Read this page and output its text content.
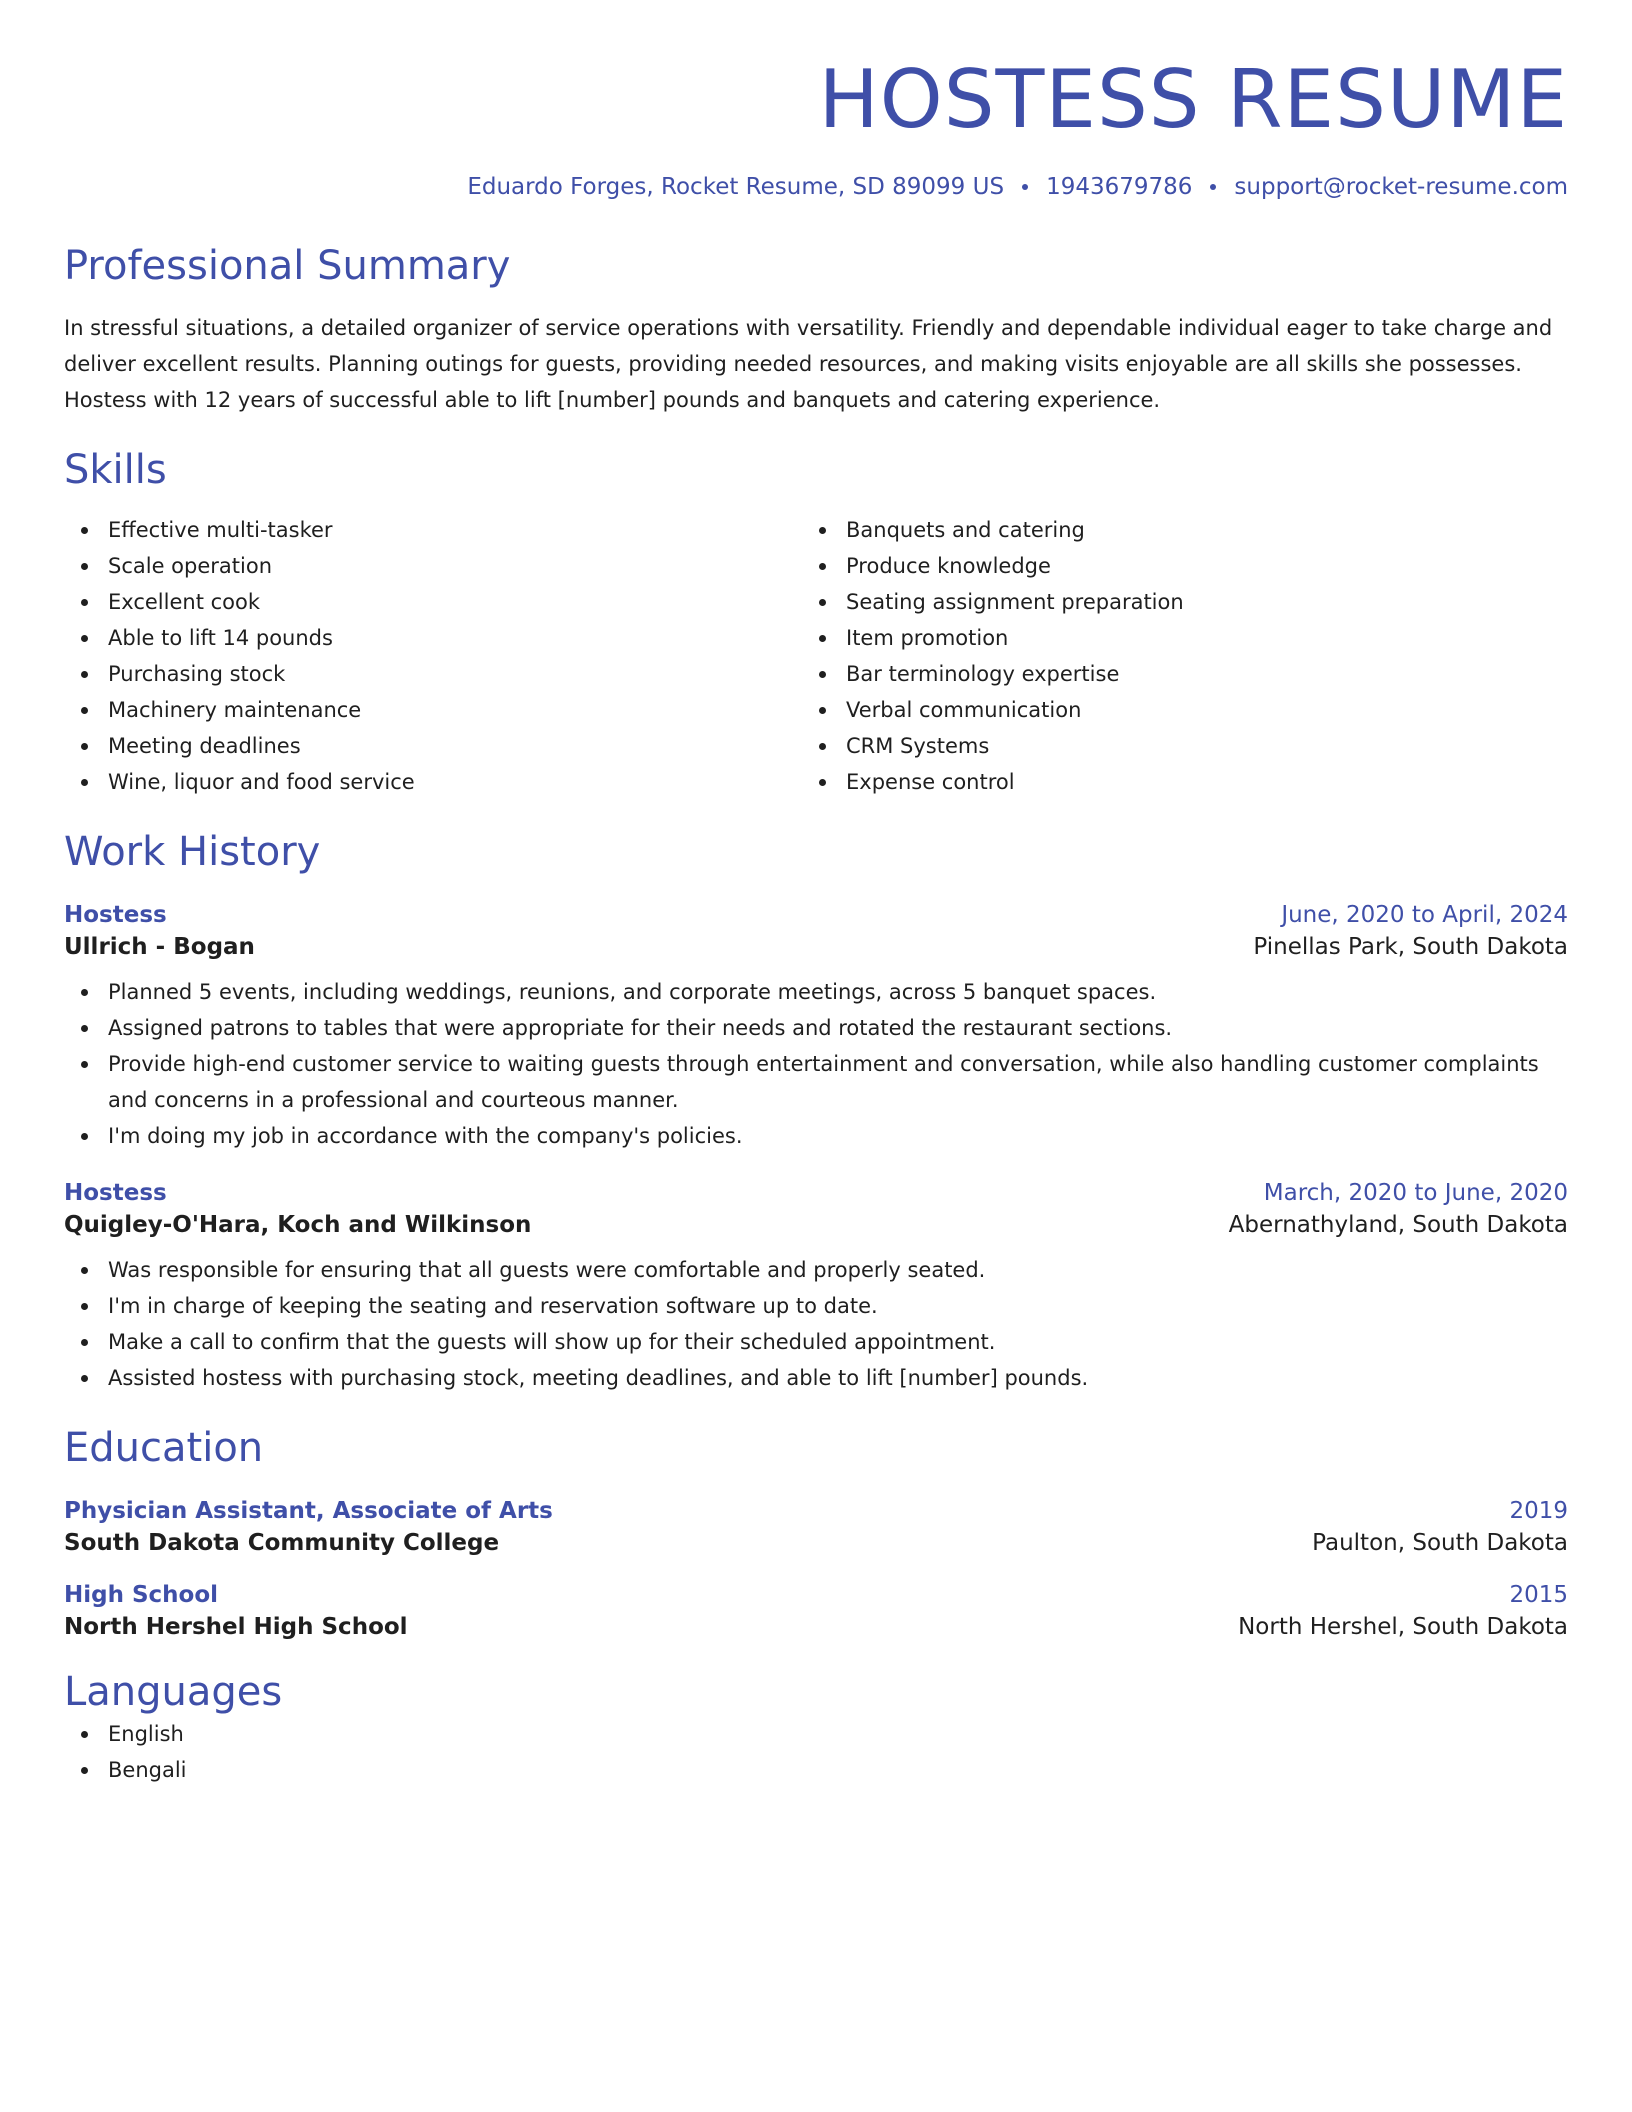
HOSTESS RESUME
Eduardo Forges, Rocket Resume, SD 89099 US 1943679786 support@rocket-resume.com
Professional Summary

In stressful situations, a detailed organizer of service operations with versatility. Friendly and dependable individual eager to take charge and deliver excellent results. Planning outings for guests, providing needed resources, and making visits enjoyable are all skills she possesses. Hostess with 12 years of successful able to lift [number] pounds and banquets and catering experience.

Skills
Effective multi-tasker
Scale operation
Excellent cook
Able to lift 14 pounds
Purchasing stock
Machinery maintenance
Meeting deadlines
Wine, liquor and food service
Banquets and catering
Produce knowledge
Seating assignment preparation
Item promotion
Bar terminology expertise
Verbal communication
CRM Systems
Expense control
Work History
Hostess	June, 2020 to April, 2024
Ullrich - Bogan	Pinellas Park, South Dakota
Planned 5 events, including weddings, reunions, and corporate meetings, across 5 banquet spaces.
Assigned patrons to tables that were appropriate for their needs and rotated the restaurant sections.
Provide high-end customer service to waiting guests through entertainment and conversation, while also handling customer complaints and concerns in a professional and courteous manner.
I'm doing my job in accordance with the company's policies.
Hostess	March, 2020 to June, 2020
Quigley-O'Hara, Koch and Wilkinson	Abernathyland, South Dakota
Was responsible for ensuring that all guests were comfortable and properly seated.
I'm in charge of keeping the seating and reservation software up to date.
Make a call to confirm that the guests will show up for their scheduled appointment.
Assisted hostess with purchasing stock, meeting deadlines, and able to lift [number] pounds.
Education
Physician Assistant, Associate of Arts	2019
South Dakota Community College	Paulton, South Dakota
High School	2015
North Hershel High School	North Hershel, South Dakota
Languages
English
Bengali
